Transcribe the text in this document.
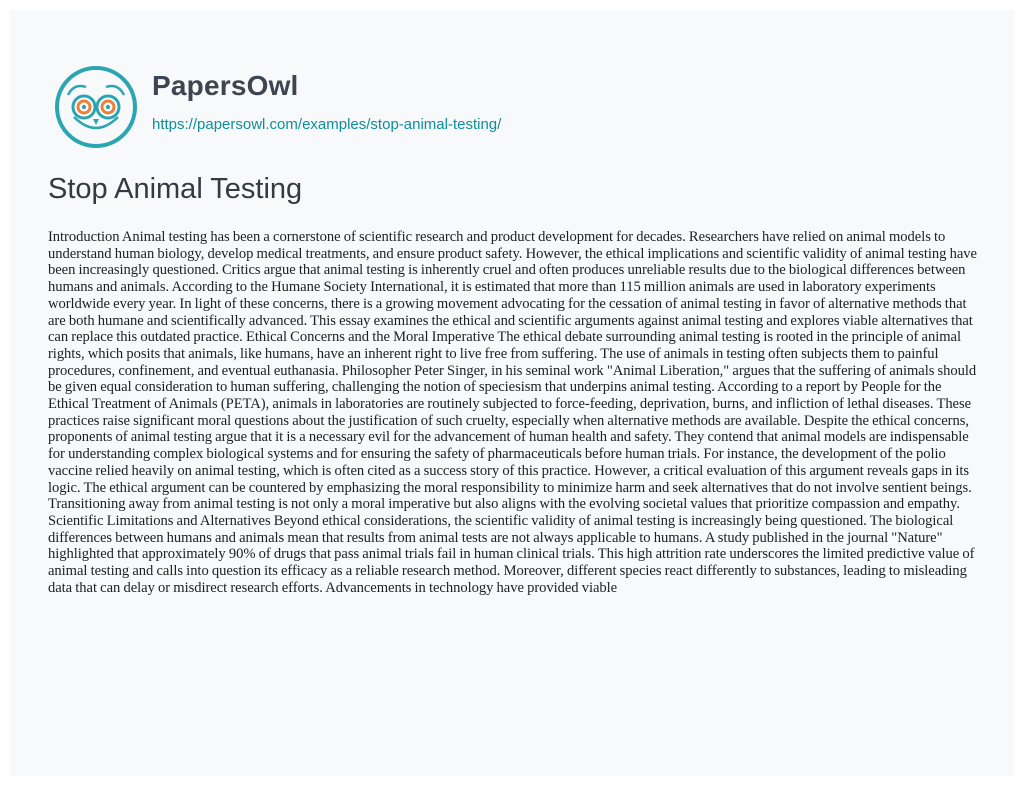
PapersOwl
https://papersowl.com/examples/stop-animal-testing/
Stop Animal Testing

Introduction Animal testing has been a cornerstone of scientific research and product development for decades. Researchers have relied on animal models to understand human biology, develop medical treatments, and ensure product safety. However, the ethical implications and scientific validity of animal testing have been increasingly questioned. Critics argue that animal testing is inherently cruel and often produces unreliable results due to the biological differences between humans and animals. According to the Humane Society International, it is estimated that more than 115 million animals are used in laboratory experiments worldwide every year. In light of these concerns, there is a growing movement advocating for the cessation of animal testing in favor of alternative methods that are both humane and scientifically advanced. This essay examines the ethical and scientific arguments against animal testing and explores viable alternatives that can replace this outdated practice. Ethical Concerns and the Moral Imperative The ethical debate surrounding animal testing is rooted in the principle of animal rights, which posits that animals, like humans, have an inherent right to live free from suffering. The use of animals in testing often subjects them to painful procedures, confinement, and eventual euthanasia. Philosopher Peter Singer, in his seminal work "Animal Liberation," argues that the suffering of animals should be given equal consideration to human suffering, challenging the notion of speciesism that underpins animal testing. According to a report by People for the Ethical Treatment of Animals (PETA), animals in laboratories are routinely subjected to force-feeding, deprivation, burns, and infliction of lethal diseases. These practices raise significant moral questions about the justification of such cruelty, especially when alternative methods are available. Despite the ethical concerns, proponents of animal testing argue that it is a necessary evil for the advancement of human health and safety. They contend that animal models are indispensable for understanding complex biological systems and for ensuring the safety of pharmaceuticals before human trials. For instance, the development of the polio vaccine relied heavily on animal testing, which is often cited as a success story of this practice. However, a critical evaluation of this argument reveals gaps in its logic. The ethical argument can be countered by emphasizing the moral responsibility to minimize harm and seek alternatives that do not involve sentient beings. Transitioning away from animal testing is not only a moral imperative but also aligns with the evolving societal values that prioritize compassion and empathy. Scientific Limitations and Alternatives Beyond ethical considerations, the scientific validity of animal testing is increasingly being questioned. The biological differences between humans and animals mean that results from animal tests are not always applicable to humans. A study published in the journal "Nature" highlighted that approximately 90% of drugs that pass animal trials fail in human clinical trials. This high attrition rate underscores the limited predictive value of animal testing and calls into question its efficacy as a reliable research method. Moreover, different species react differently to substances, leading to misleading data that can delay or misdirect research efforts. Advancements in technology have provided viable
